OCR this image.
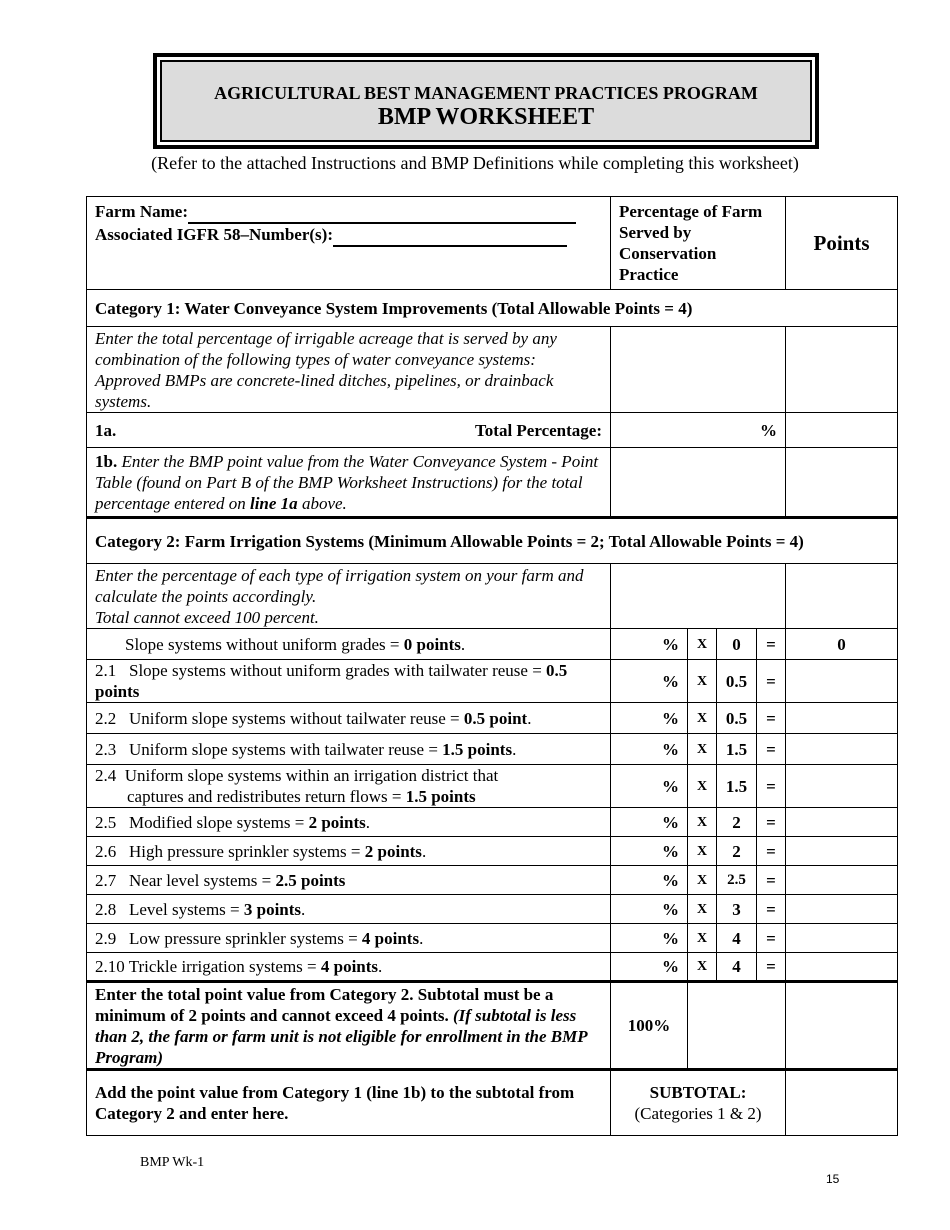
AGRICULTURAL BEST MANAGEMENT PRACTICES PROGRAM
BMP WORKSHEET
(Refer to the attached Instructions and BMP Definitions while completing this worksheet)
Farm Name:
Associated IGFR 58–Number(s):	Percentage of Farm Served by Conservation Practice				Points
Category 1: Water Conveyance System Improvements (Total Allowable Points = 4)					
Enter the total percentage of irrigable acreage that is served by any combination of the following types of water conveyance systems: Approved BMPs are concrete-lined ditches, pipelines, or drainback systems.					
1a. Total Percentage:	%				
1b. Enter the BMP point value from the Water Conveyance System - Point Table (found on Part B of the BMP Worksheet Instructions) for the total percentage entered on line 1a above.					
Category 2: Farm Irrigation Systems (Minimum Allowable Points = 2; Total Allowable Points = 4)					

Enter the percentage of each type of irrigation system on your farm and calculate the points accordingly.
Total cannot exceed 100 percent.					

Slope systems without uniform grades = 0 points.	%	X	0	=	0
2.1 Slope systems without uniform grades with tailwater reuse = 0.5 points	%	X	0.5	=	
2.2 Uniform slope systems without tailwater reuse = 0.5 point.	%	X	0.5	=	
2.3 Uniform slope systems with tailwater reuse = 1.5 points.	%	X	1.5	=	

2.4 Uniform slope systems within an irrigation district that
captures and redistributes return flows = 1.5 points	%	X	1.5	=	
2.5 Modified slope systems = 2 points.	%	X	2	=	
2.6 High pressure sprinkler systems = 2 points.	%	X	2	=	
2.7 Near level systems = 2.5 points	%	X	2.5	=	
2.8 Level systems = 3 points.	%	X	3	=	
2.9 Low pressure sprinkler systems = 4 points.	%	X	4	=	
2.10 Trickle irrigation systems = 4 points.	%	X	4	=	
Enter the total point value from Category 2. Subtotal must be a minimum of 2 points and cannot exceed 4 points. (If subtotal is less than 2, the farm or farm unit is not eligible for enrollment in the BMP Program)	100%				
Add the point value from Category 1 (line 1b) to the subtotal from Category 2 and enter here.	SUBTOTAL:
(Categories 1 & 2)				

BMP Wk-1
15
